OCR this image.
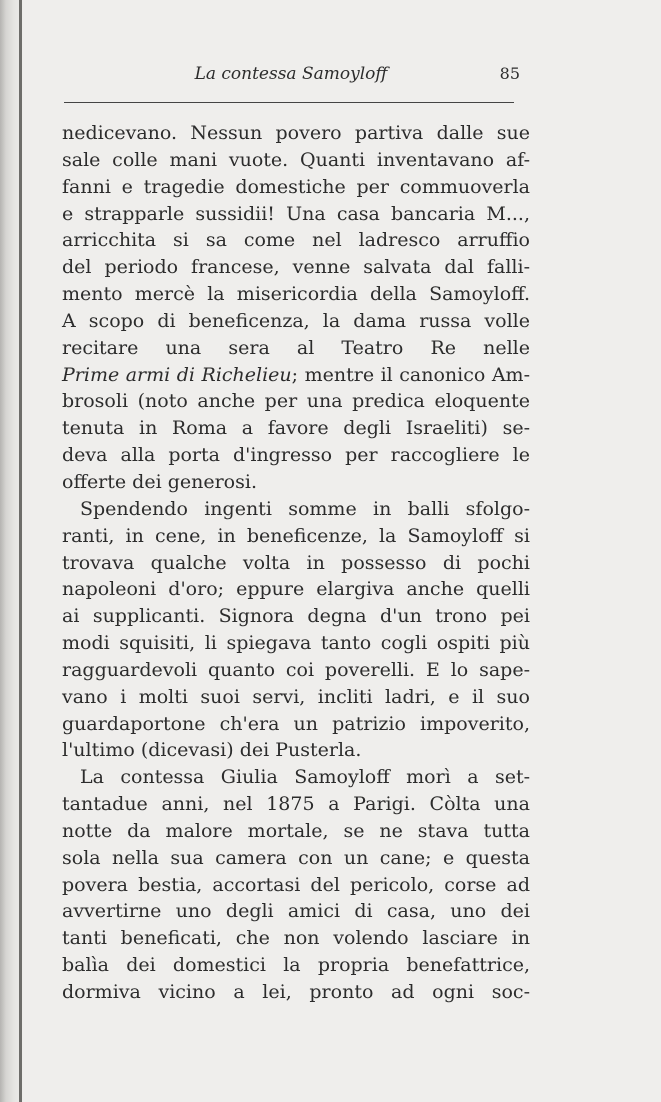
La contessa Samoyloff	85
nedicevano. Nessun povero partiva dalle sue
sale colle mani vuote. Quanti inventavano af-
fanni e tragedie domestiche per commuoverla
e strapparle sussidii! Una casa bancaria M...,
arricchita si sa come nel ladresco arruffio
del periodo francese, venne salvata dal falli-
mento mercè la misericordia della Samoyloff.
A scopo di beneficenza, la dama russa volle
recitare una sera al Teatro Re nelle
Prime armi di Richelieu; mentre il canonico Am-
brosoli (noto anche per una predica eloquente
tenuta in Roma a favore degli Israeliti) se-
deva alla porta d'ingresso per raccogliere le
offerte dei generosi.
Spendendo ingenti somme in balli sfolgo-
ranti, in cene, in beneficenze, la Samoyloff si
trovava qualche volta in possesso di pochi
napoleoni d'oro; eppure elargiva anche quelli
ai supplicanti. Signora degna d'un trono pei
modi squisiti, li spiegava tanto cogli ospiti più
ragguardevoli quanto coi poverelli. E lo sape-
vano i molti suoi servi, incliti ladri, e il suo
guardaportone ch'era un patrizio impoverito,
l'ultimo (dicevasi) dei Pusterla.
La contessa Giulia Samoyloff morì a set-
tantadue anni, nel 1875 a Parigi. Còlta una
notte da malore mortale, se ne stava tutta
sola nella sua camera con un cane; e questa
povera bestia, accortasi del pericolo, corse ad
avvertirne uno degli amici di casa, uno dei
tanti beneficati, che non volendo lasciare in
balìa dei domestici la propria benefattrice,
dormiva vicino a lei, pronto ad ogni soc-
